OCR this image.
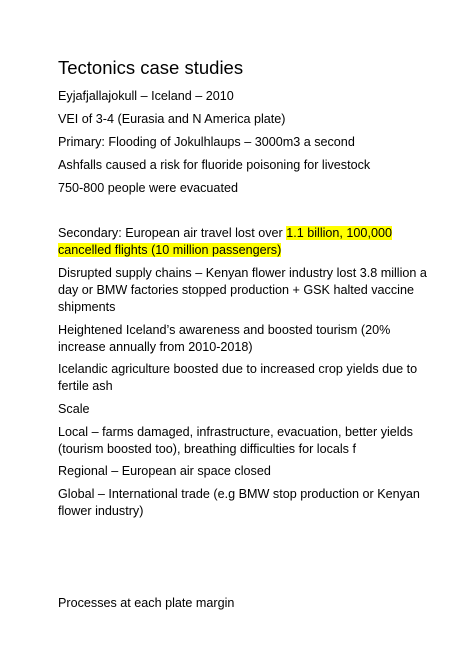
Tectonics case studies

Eyjafjallajokull – Iceland – 2010

VEI of 3-4 (Eurasia and N America plate)

Primary: Flooding of Jokulhlaups – 3000m3 a second

Ashfalls caused a risk for fluoride poisoning for livestock

750-800 people were evacuated

Secondary: European air travel lost over 1.1 billion, 100,000
cancelled flights (10 million passengers)

Disrupted supply chains – Kenyan flower industry lost 3.8 million a day or BMW factories stopped production + GSK halted vaccine shipments

Heightened Iceland’s awareness and boosted tourism (20% increase annually from 2010-2018)

Icelandic agriculture boosted due to increased crop yields due to fertile ash

Scale

Local – farms damaged, infrastructure, evacuation, better yields (tourism boosted too), breathing difficulties for locals f

Regional – European air space closed

Global – International trade (e.g BMW stop production or Kenyan flower industry)

Processes at each plate margin
